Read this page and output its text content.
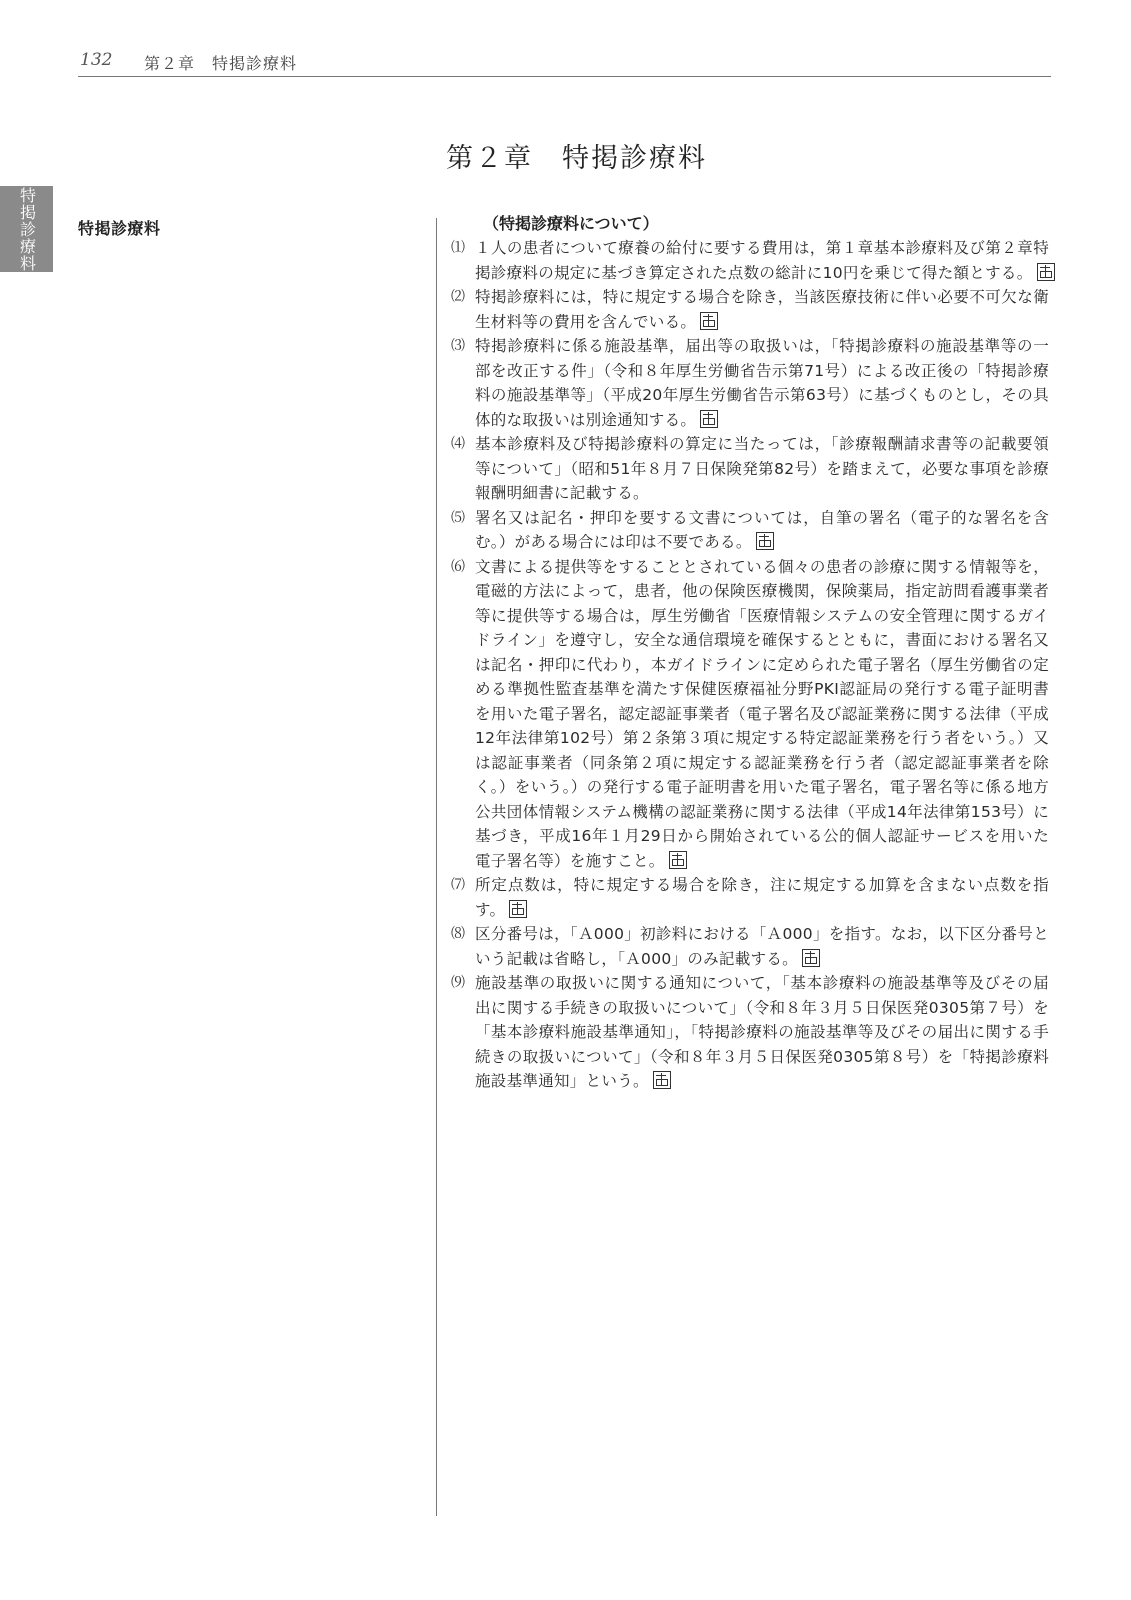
132 第２章　特掲診療料
特掲診療料
第２章　特掲診療料
特掲診療料	（特掲診療料について）
⑴ １人の患者について療養の給付に要する費用は，第１章基本診療料及び第２章特掲診療料の規定に基づき算定された点数の総計に10円を乗じて得た額とする。

⑵ 特掲診療料には，特に規定する場合を除き，当該医療技術に伴い必要不可欠な衛生材料等の費用を含んでいる。

⑶ 特掲診療料に係る施設基準，届出等の取扱いは，「特掲診療料の施設基準等の一部を改正する件」（令和８年厚生労働省告示第71号）による改正後の「特掲診療料の施設基準等」（平成20年厚生労働省告示第63号）に基づくものとし，その具体的な取扱いは別途通知する。

⑷ 基本診療料及び特掲診療料の算定に当たっては，「診療報酬請求書等の記載要領等について」（昭和51年８月７日保険発第82号）を踏まえて，必要な事項を診療報酬明細書に記載する。

⑸ 署名又は記名・押印を要する文書については，自筆の署名（電子的な署名を含む。）がある場合には印は不要である。

⑹ 文書による提供等をすることとされている個々の患者の診療に関する情報等を，電磁的方法によって，患者，他の保険医療機関，保険薬局，指定訪問看護事業者等に提供等する場合は，厚生労働省「医療情報システムの安全管理に関するガイドライン」を遵守し，安全な通信環境を確保するとともに，書面における署名又は記名・押印に代わり，本ガイドラインに定められた電子署名（厚生労働省の定める準拠性監査基準を満たす保健医療福祉分野PKI認証局の発行する電子証明書を用いた電子署名，認定認証事業者（電子署名及び認証業務に関する法律（平成12年法律第102号）第２条第３項に規定する特定認証業務を行う者をいう。）又は認証事業者（同条第２項に規定する認証業務を行う者（認定認証事業者を除く。）をいう。）の発行する電子証明書を用いた電子署名，電子署名等に係る地方公共団体情報システム機構の認証業務に関する法律（平成14年法律第153号）に基づき，平成16年１月29日から開始されている公的個人認証サービスを用いた電子署名等）を施すこと。

⑺ 所定点数は，特に規定する場合を除き，注に規定する加算を含まない点数を指す。

⑻ 区分番号は，「Ａ000」初診料における「Ａ000」を指す。なお，以下区分番号という記載は省略し，「Ａ000」のみ記載する。

⑼ 施設基準の取扱いに関する通知について，「基本診療料の施設基準等及びその届出に関する手続きの取扱いについて」（令和８年３月５日保医発0305第７号）を「基本診療料施設基準通知」，「特掲診療料の施設基準等及びその届出に関する手続きの取扱いについて」（令和８年３月５日保医発0305第８号）を「特掲診療料施設基準通知」という。
